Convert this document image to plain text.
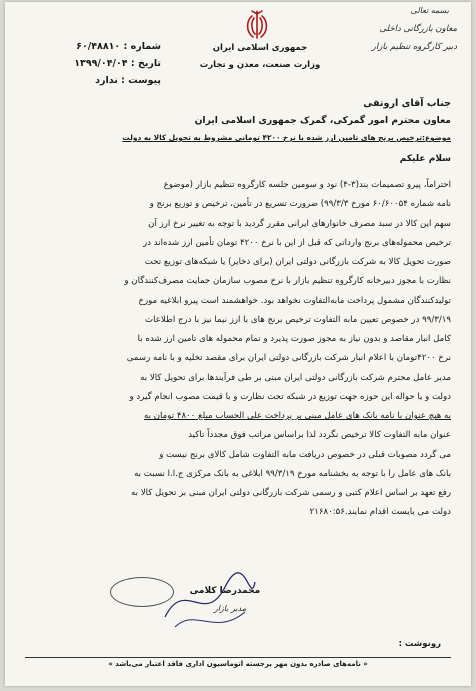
جمهوری اسلامی ایران
وزارت صنعت، معدن و تجارت
بسمه تعالی
معاون بازرگانی داخلی
دبیر کارگروه تنظیم بازار
شماره : ۶۰/۴۸۸۱۰
تاریخ : ۱۳۹۹/۰۴/۰۴
پیوست : ندارد
جناب آقای اروتقی
معاون محترم امور گمرکی، گمرک جمهوری اسلامی ایران
موضوع:ترخیص برنج های تامین ارز شده با نرخ ۴۲۰۰ تومانی مشروط به تحویل کالا به دولت
سلام علیکم
محمدرضا کلامی
مدیر بازار
رونوشت :
« نامه‌های صادره بدون مهر برجسته اتوماسیون اداری فاقد اعتبار می‌باشد »
احتراماً، پیرو تصمیمات بند(۳-۴) نود و سومین جلسه کارگروه تنظیم بازار (موضوع
نامه شماره ۶۰/۶۰۰۵۴ مورخ ۹۹/۳/۳) ضرورت تسریع در تأمین، ترخیص و توزیع برنج و
سهم این کالا در سبد مصرف خانوارهای ایرانی مقرر گردید با توجه به تغییر نرخ ارز آن
ترخیص محموله‌های برنج وارداتی که قبل از این با نرخ ۴۲۰۰ تومان تأمین ارز شده‌اند در
صورت تحویل کالا به شرکت بازرگانی دولتی ایران (برای ذخایر) یا شبکه‌های توزیع تحت
نظارت با مجوز دبیرخانه کارگروه تنظیم بازار با نرخ مصوب سازمان حمایت مصرف‌کنندگان و
تولیدکنندگان مشمول پرداخت مابه‌التفاوت نخواهد بود. خواهشمند است پیرو ابلاغیه مورخ
۹۹/۳/۱۹ در خصوص تعیین مابه التفاوت ترخیص برنج های با ارز نیما نیز با درج اطلاعات
کامل انبار مقاصد و بدون نیاز به مجوز صورت پذیرد و تمام محموله های تامین ارز شده با
نرخ ۴۲۰۰تومان با اعلام انبار شرکت بازرگانی دولتی ایران برای مقصد تخلیه و با نامه رسمی
مدیر عامل محترم شرکت بازرگانی دولتی ایران مبنی بر طی فرآیندها برای تحویل کالا به
دولت و یا حواله این حوزه جهت توزیع در شبکه تحت نظارت و با قیمت مصوب انجام گیرد و
به هیچ عنوان با نامه بانک های عامل مبنی بر پرداخت علی الحساب مبلغ ۴۸۰۰ تومان به
عنوان مابه التفاوت کالا ترخیص نگردد لذا براساس مراتب فوق مجدداً تاکید
می گردد مصوبات قبلی در خصوص دریافت مابه التفاوت شامل کالای برنج نیست و
بانک های عامل را با توجه به بخشنامه مورخ ۹۹/۳/۱۹ ابلاغی به بانک مرکزی ج.ا.ا نسبت به
رفع تعهد بر اساس اعلام کتبی و رسمی شرکت بازرگانی دولتی ایران مبنی بر تحویل کالا به
دولت می بایست اقدام نمایند.۲۱۶۸۰:۵۶
